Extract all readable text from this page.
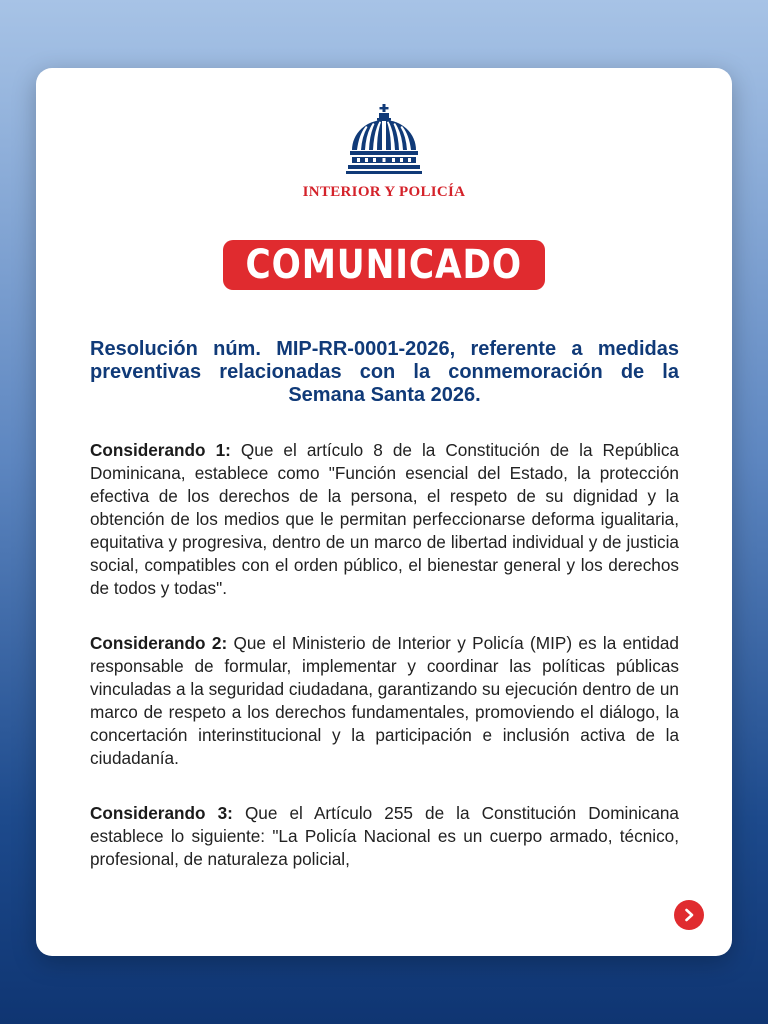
INTERIOR Y POLICÍA
COMUNICADO

Resolución núm. MIP-RR-0001-2026, referente a medidas preventivas relacionadas con la conmemoración de la Semana Santa 2026.

Considerando 1: Que el artículo 8 de la Constitución de la República Dominicana, establece como "Función esencial del Estado, la protección efectiva de los derechos de la persona, el respeto de su dignidad y la obtención de los medios que le permitan perfeccionarse deforma igualitaria, equitativa y progresiva, dentro de un marco de libertad individual y de justicia social, compatibles con el orden público, el bienestar general y los derechos de todos y todas".

Considerando 2: Que el Ministerio de Interior y Policía (MIP) es la entidad responsable de formular, implementar y coordinar las políticas públicas vinculadas a la seguridad ciudadana, garantizando su ejecución dentro de un marco de respeto a los derechos fundamentales, promoviendo el diálogo, la concertación interinstitucional y la participación e inclusión activa de la ciudadanía.

Considerando 3: Que el Artículo 255 de la Constitución Dominicana establece lo siguiente: "La Policía Nacional es un cuerpo armado, técnico, profesional, de naturaleza policial,
